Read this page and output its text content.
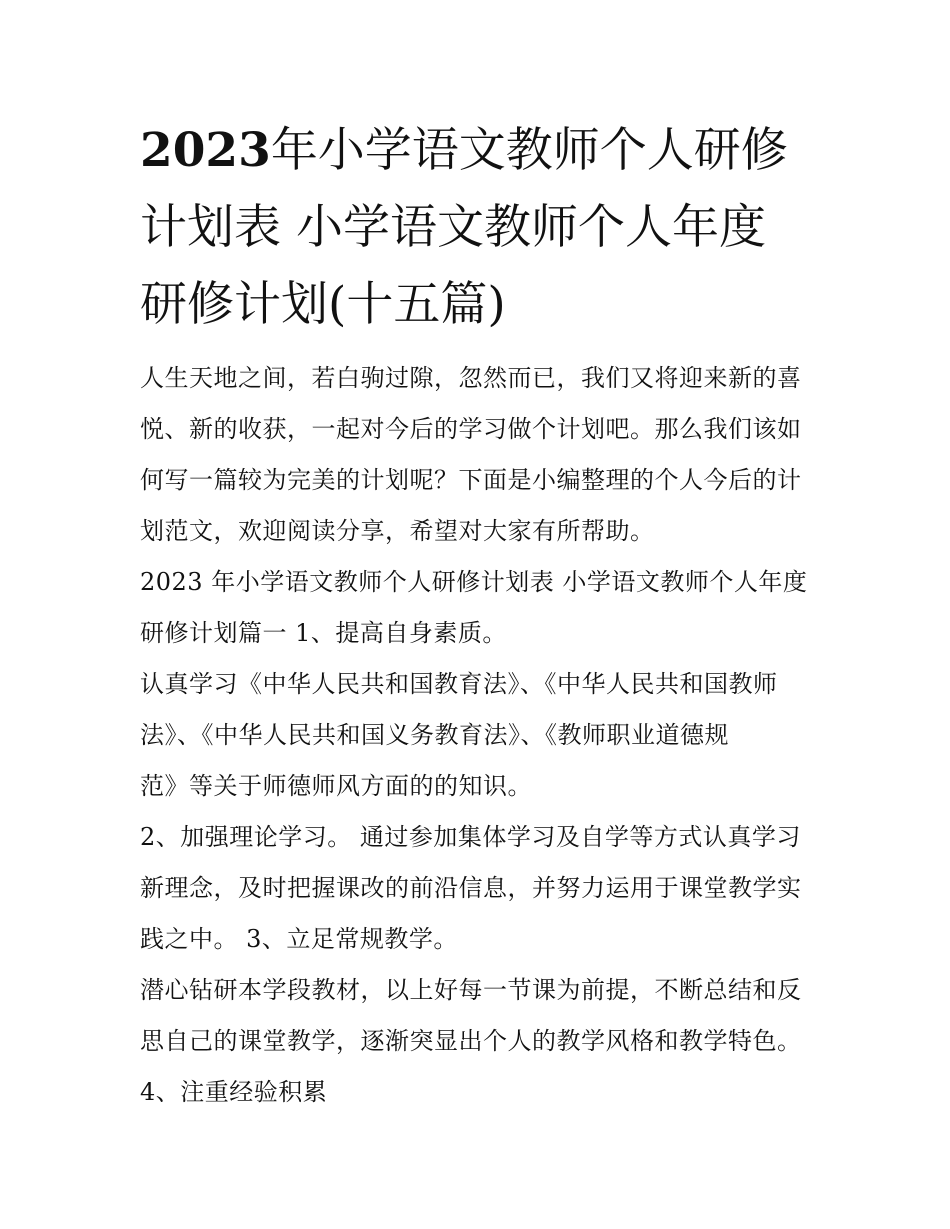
2023年小学语文教师个人研修
计划表 小学语文教师个人年度
研修计划(十五篇)

人生天地之间，若白驹过隙，忽然而已，我们又将迎来新的喜
悦、新的收获，一起对今后的学习做个计划吧。那么我们该如
何写一篇较为完美的计划呢？下面是小编整理的个人今后的计
划范文，欢迎阅读分享，希望对大家有所帮助。

2023 年小学语文教师个人研修计划表 小学语文教师个人年度
研修计划篇一 1、提高自身素质。

认真学习《中华人民共和国教育法》、《中华人民共和国教师
法》、《中华人民共和国义务教育法》、《教师职业道德规
范》等关于师德师风方面的的知识。

2、加强理论学习。 通过参加集体学习及自学等方式认真学习
新理念，及时把握课改的前沿信息，并努力运用于课堂教学实
践之中。 3、立足常规教学。

潜心钻研本学段教材，以上好每一节课为前提，不断总结和反
思自己的课堂教学，逐渐突显出个人的教学风格和教学特色。

4、注重经验积累
